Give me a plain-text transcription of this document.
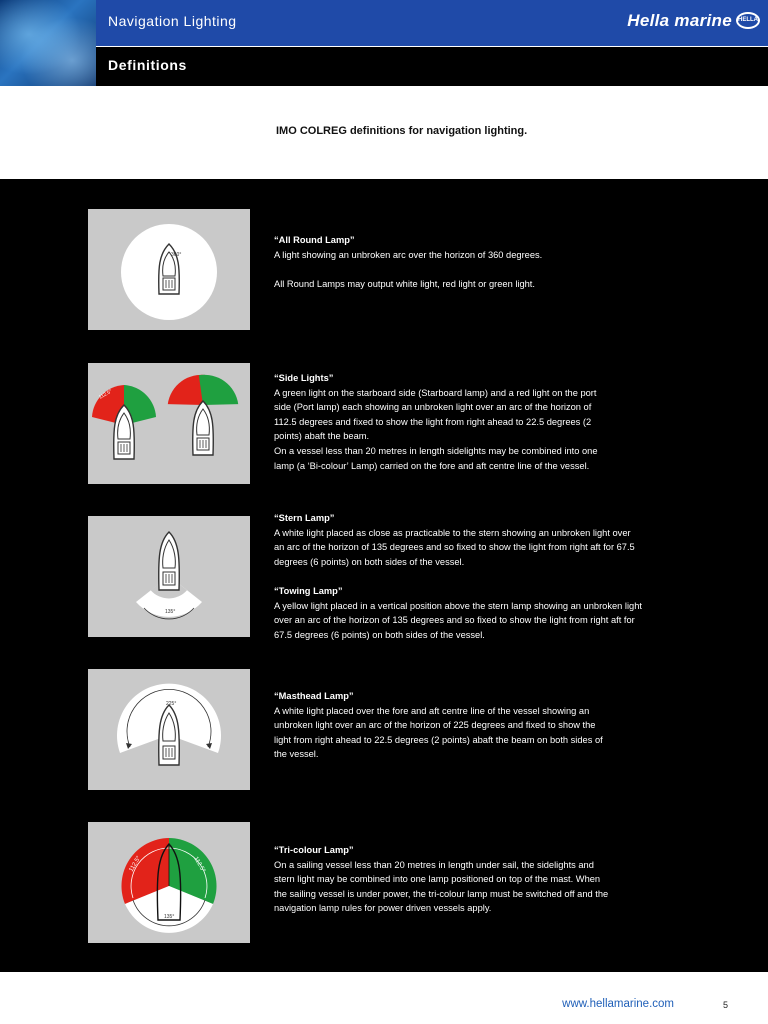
Navigation Lighting	Hella marine	HELLA
Definitions
IMO COLREG definitions for navigation lighting.
360°

“All Round Lamp”

A light showing an unbroken arc over the horizon of 360 degrees.

All Round Lamps may output white light, red light or green light.

112.5°

“Side Lights”

A green light on the starboard side (Starboard lamp) and a red light on the port

side (Port lamp) each showing an unbroken light over an arc of the horizon of

112.5 degrees and fixed to show the light from right ahead to 22.5 degrees (2

points) abaft the beam.

On a vessel less than 20 metres in length sidelights may be combined into one

lamp (a ‘Bi-colour’ Lamp) carried on the fore and aft centre line of the vessel.

135°

“Stern Lamp”

A white light placed as close as practicable to the stern showing an unbroken light over

an arc of the horizon of 135 degrees and so fixed to show the light from right aft for 67.5

degrees (6 points) on both sides of the vessel.

“Towing Lamp”

A yellow light placed in a vertical position above the stern lamp showing an unbroken light

over an arc of the horizon of 135 degrees and so fixed to show the light from right aft for

67.5 degrees (6 points) on both sides of the vessel.

225°

“Masthead Lamp”

A white light placed over the fore and aft centre line of the vessel showing an

unbroken light over an arc of the horizon of 225 degrees and fixed to show the

light from right ahead to 22.5 degrees (2 points) abaft the beam on both sides of

the vessel.

112.5°	112.5°
135°

“Tri-colour Lamp”

On a sailing vessel less than 20 metres in length under sail, the sidelights and

stern light may be combined into one lamp positioned on top of the mast. When

the sailing vessel is under power, the tri-colour lamp must be switched off and the

navigation lamp rules for power driven vessels apply.

www.hellamarine.com	5
